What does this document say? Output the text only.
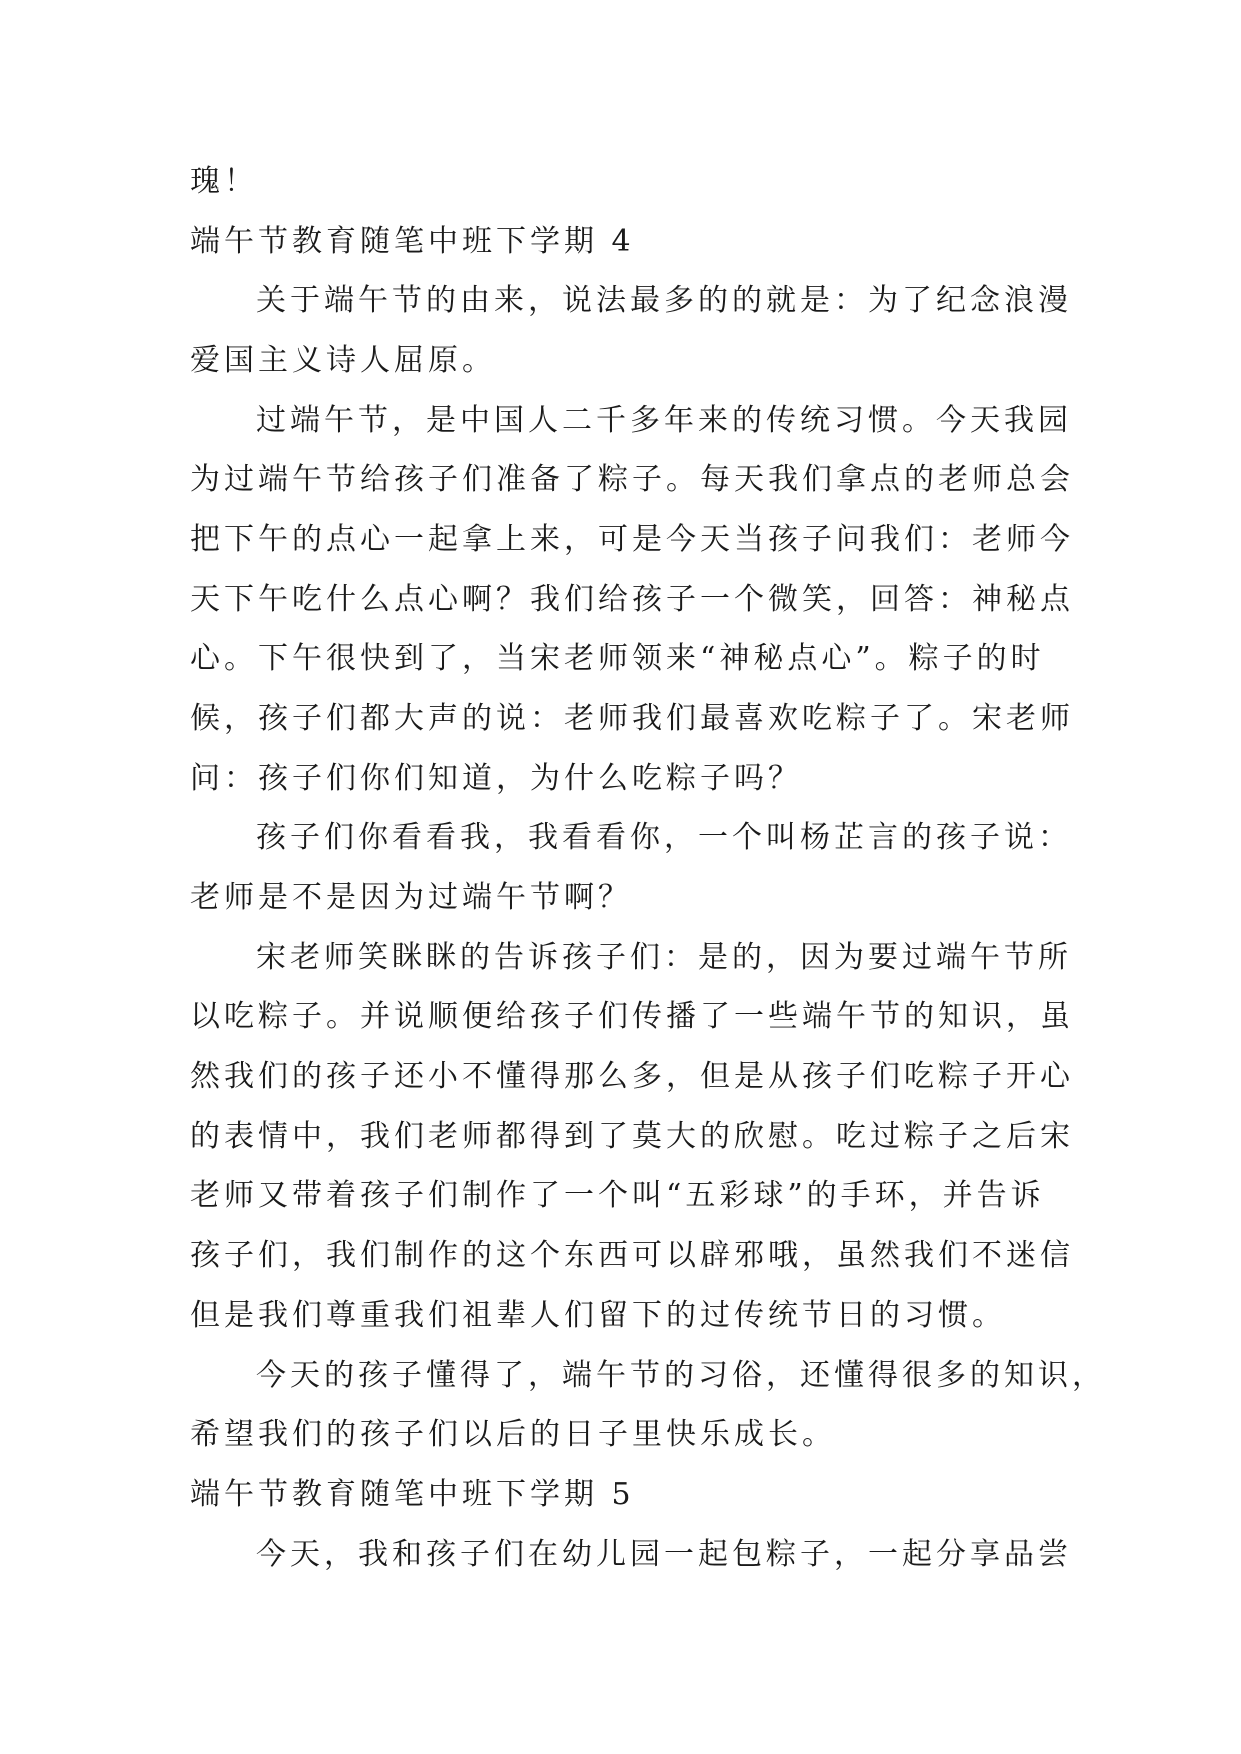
瑰！
端午节教育随笔中班下学期 4
关于端午节的由来，说法最多的的就是：为了纪念浪漫
爱国主义诗人屈原。
过端午节，是中国人二千多年来的传统习惯。今天我园
为过端午节给孩子们准备了粽子。每天我们拿点的老师总会
把下午的点心一起拿上来，可是今天当孩子问我们：老师今
天下午吃什么点心啊？我们给孩子一个微笑，回答：神秘点
心。下午很快到了，当宋老师领来“神秘点心”。粽子的时
候，孩子们都大声的说：老师我们最喜欢吃粽子了。宋老师
问：孩子们你们知道，为什么吃粽子吗？
孩子们你看看我，我看看你，一个叫杨芷言的孩子说：
老师是不是因为过端午节啊？
宋老师笑眯眯的告诉孩子们：是的，因为要过端午节所
以吃粽子。并说顺便给孩子们传播了一些端午节的知识，虽
然我们的孩子还小不懂得那么多，但是从孩子们吃粽子开心
的表情中，我们老师都得到了莫大的欣慰。吃过粽子之后宋
老师又带着孩子们制作了一个叫“五彩球”的手环，并告诉
孩子们，我们制作的这个东西可以辟邪哦，虽然我们不迷信
但是我们尊重我们祖辈人们留下的过传统节日的习惯。
今天的孩子懂得了，端午节的习俗，还懂得很多的知识，
希望我们的孩子们以后的日子里快乐成长。
端午节教育随笔中班下学期 5
今天，我和孩子们在幼儿园一起包粽子，一起分享品尝
